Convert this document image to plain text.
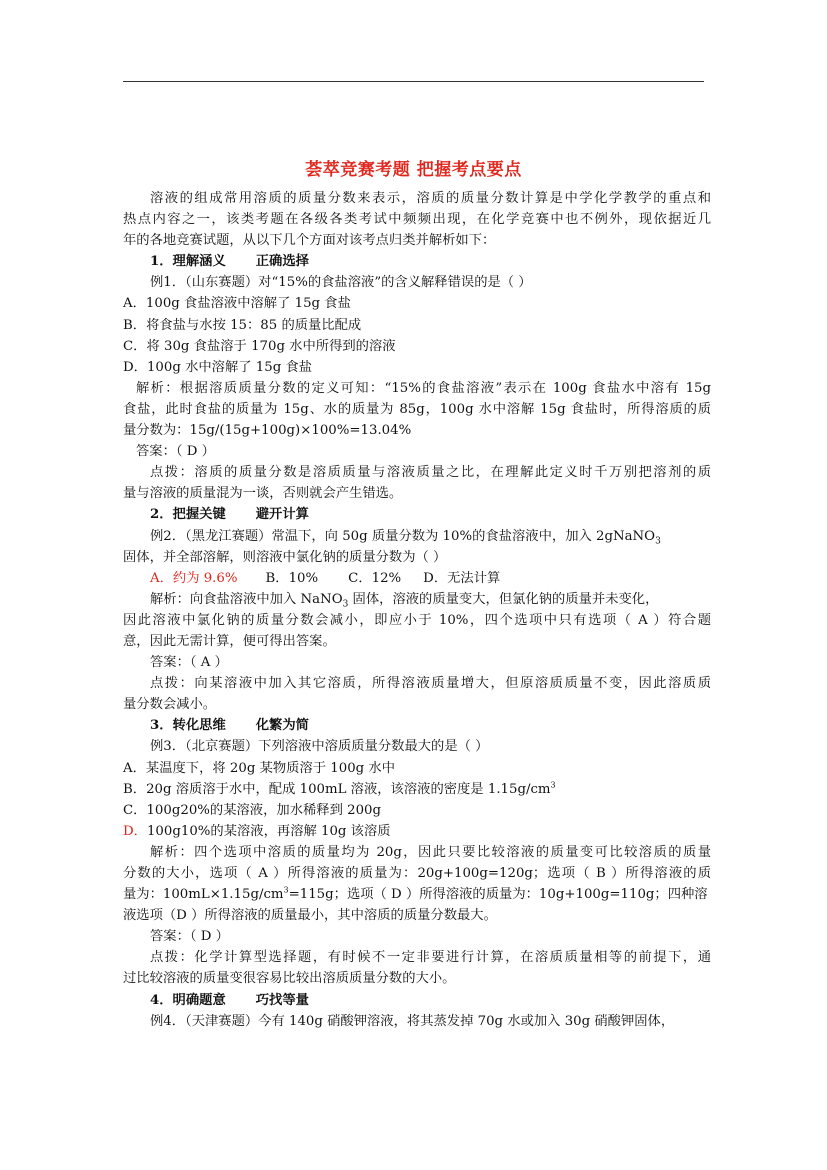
荟萃竞赛考题 把握考点要点
溶液的组成常用溶质的质量分数来表示，溶质的质量分数计算是中学化学教学的重点和
热点内容之一，该类考题在各级各类考试中频频出现，在化学竞赛中也不例外，现依据近几
年的各地竞赛试题，从以下几个方面对该考点归类并解析如下：
1．理解涵义 正确选择
例1．（山东赛题）对“15%的食盐溶液”的含义解释错误的是（ ）
A．100g 食盐溶液中溶解了 15g 食盐
B．将食盐与水按 15：85 的质量比配成
C．将 30g 食盐溶于 170g 水中所得到的溶液
D．100g 水中溶解了 15g 食盐
解析：根据溶质质量分数的定义可知：“15%的食盐溶液”表示在 100g 食盐水中溶有 15g
食盐，此时食盐的质量为 15g、水的质量为 85g，100g 水中溶解 15g 食盐时，所得溶质的质
量分数为：15g/(15g+100g)×100%=13.04%
答案：（ D ）
点拨：溶质的质量分数是溶质质量与溶液质量之比，在理解此定义时千万别把溶剂的质
量与溶液的质量混为一谈，否则就会产生错选。
2．把握关键 避开计算
例2．（黑龙江赛题）常温下，向 50g 质量分数为 10%的食盐溶液中，加入 2gNaNO$_3$
固体，并全部溶解，则溶液中氯化钠的质量分数为（ ）
A．约为 9.6% B．10% C．12% D．无法计算
解析：向食盐溶液中加入 NaNO$_3$ 固体，溶液的质量变大，但氯化钠的质量并未变化，
因此溶液中氯化钠的质量分数会减小，即应小于 10%，四个选项中只有选项（ A ）符合题
意，因此无需计算，便可得出答案。
答案：（ A ）
点拨：向某溶液中加入其它溶质，所得溶液质量增大，但原溶质质量不变，因此溶质质
量分数会减小。
3．转化思维 化繁为简
例3．（北京赛题）下列溶液中溶质质量分数最大的是（ ）
A．某温度下，将 20g 某物质溶于 100g 水中
B．20g 溶质溶于水中，配成 100mL 溶液，该溶液的密度是 $1.15g/cm^3$
C．100g20%的某溶液，加水稀释到 200g
D．100g10%的某溶液，再溶解 10g 该溶质
解析：四个选项中溶质的质量均为 20g，因此只要比较溶液的质量变可比较溶质的质量
分数的大小，选项（ A ）所得溶液的质量为：20g+100g=120g；选项（ B ）所得溶液的质
量为：$100mL\times 1.15g/cm^3=115g$；选项（ D ）所得溶液的质量为：10g+100g=110g；四种溶
液选项（D ）所得溶液的质量最小，其中溶质的质量分数最大。
答案：（ D ）
点拨：化学计算型选择题，有时候不一定非要进行计算，在溶质质量相等的前提下，通
过比较溶液的质量变很容易比较出溶质质量分数的大小。
4．明确题意 巧找等量
例4．（天津赛题）今有 140g 硝酸钾溶液，将其蒸发掉 70g 水或加入 30g 硝酸钾固体，
